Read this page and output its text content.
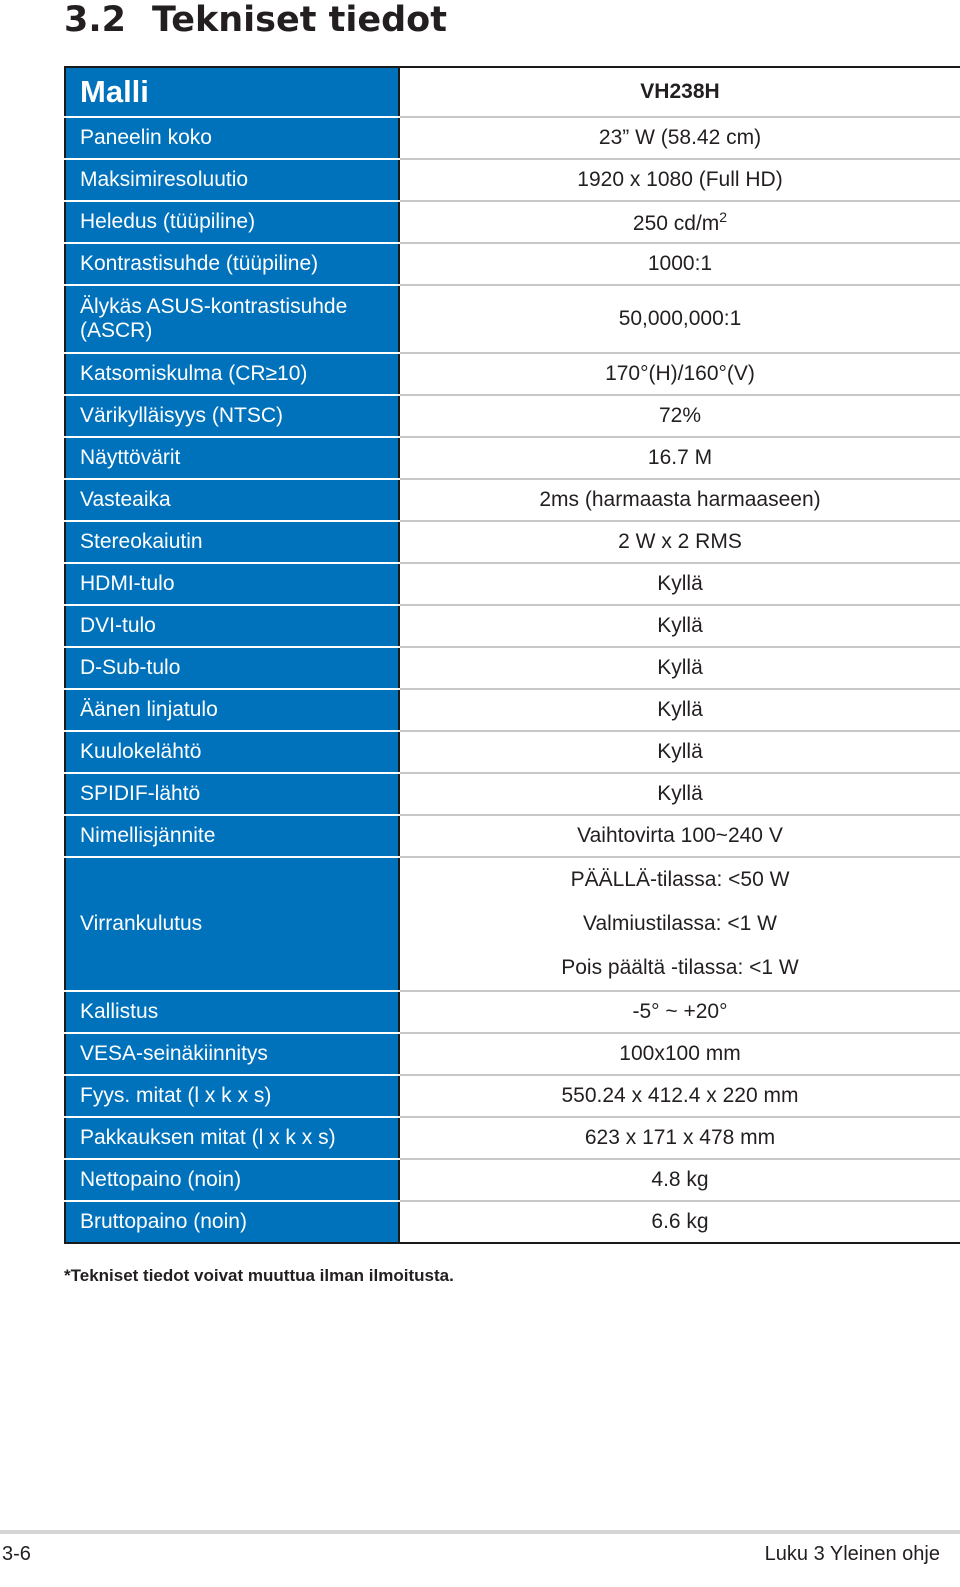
3.2 Tekniset tiedot
Malli	VH238H
Paneelin koko	23” W (58.42 cm)
Maksimiresoluutio	1920 x 1080 (Full HD)
Heledus (tüüpiline)	250 $cd/m^2$
Kontrastisuhde (tüüpiline)	1000:1
Älykäs ASUS-kontrastisuhde (ASCR)	50,000,000:1
Katsomiskulma (CR≥10)	170°(H)/160°(V)
Värikylläisyys (NTSC)	72%
Näyttövärit	16.7 M
Vasteaika	2ms (harmaasta harmaaseen)
Stereokaiutin	2 W x 2 RMS
HDMI-tulo	Kyllä
DVI-tulo	Kyllä
D-Sub-tulo	Kyllä
Äänen linjatulo	Kyllä
Kuulokelähtö	Kyllä
SPIDIF-lähtö	Kyllä
Nimellisjännite	Vaihtovirta 100~240 V
Virrankulutus	PÄÄLLÄ-tilassa: <50 W
Valmiustilassa: <1 W
Pois päältä -tilassa: <1 W

Kallistus	-5° ~ +20°
VESA-seinäkiinnitys	100x100 mm
Fyys. mitat (l x k x s)	550.24 x 412.4 x 220 mm
Pakkauksen mitat (l x k x s)	623 x 171 x 478 mm
Nettopaino (noin)	4.8 kg
Bruttopaino (noin)	6.6 kg
*Tekniset tiedot voivat muuttua ilman ilmoitusta.
3-6	Luku 3 Yleinen ohje
